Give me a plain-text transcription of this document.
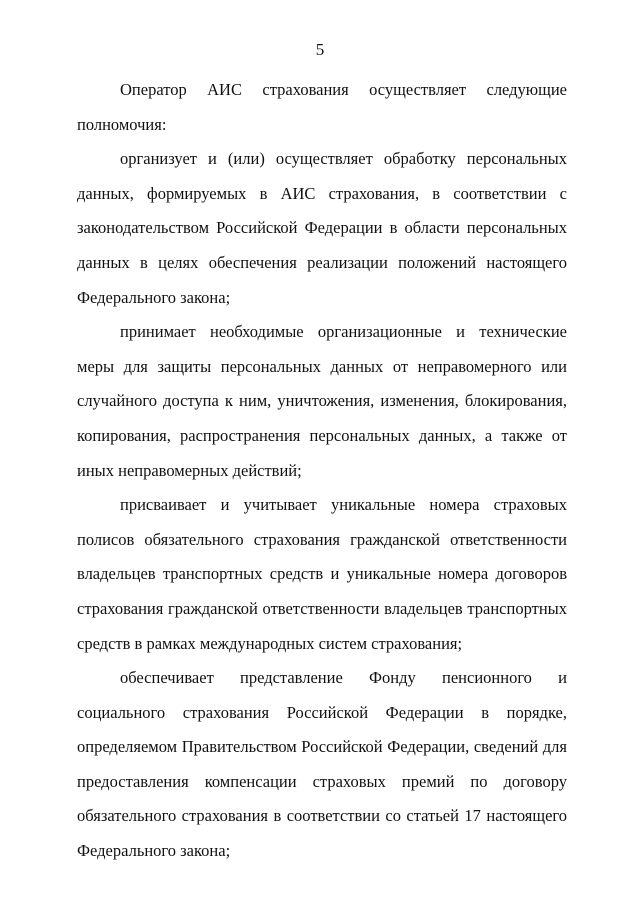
5

Оператор АИС страхования осуществляет следующие полномочия:

организует и (или) осуществляет обработку персональных данных, формируемых в АИС страхования, в соответствии с законодательством Российской Федерации в области персональных данных в целях обеспечения реализации положений настоящего Федерального закона;

принимает необходимые организационные и технические меры для защиты персональных данных от неправомерного или случайного доступа к ним, уничтожения, изменения, блокирования, копирования, распространения персональных данных, а также от иных неправомерных действий;

присваивает и учитывает уникальные номера страховых полисов обязательного страхования гражданской ответственности владельцев транспортных средств и уникальные номера договоров страхования гражданской ответственности владельцев транспортных средств в рамках международных систем страхования;

обеспечивает представление Фонду пенсионного и социального страхования Российской Федерации в порядке, определяемом Правительством Российской Федерации, сведений для предоставления компенсации страховых премий по договору обязательного страхования в соответствии со статьей 17 настоящего Федерального закона;
